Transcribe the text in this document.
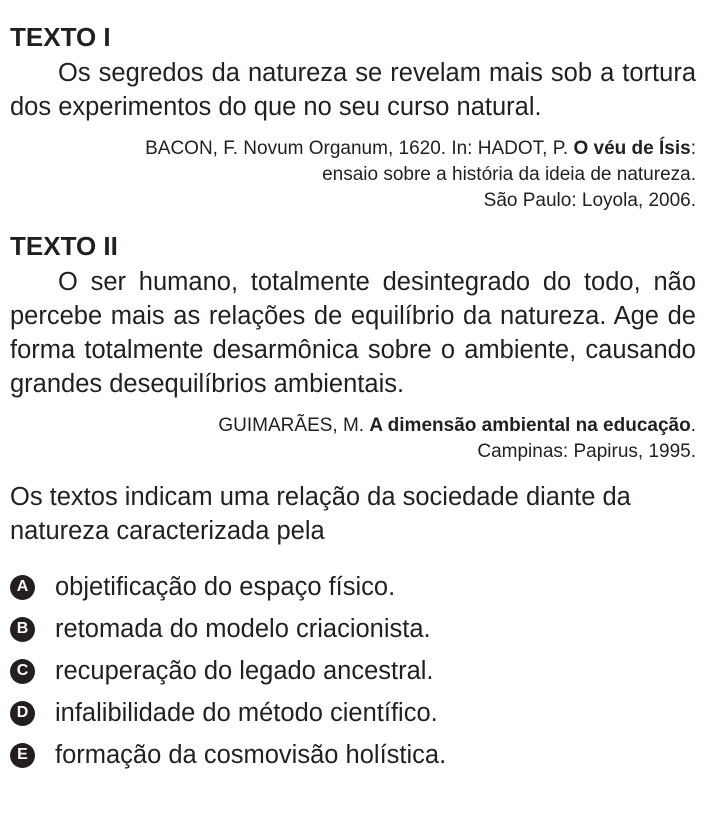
TEXTO I

Os segredos da natureza se revelam mais sob a tortura dos experimentos do que no seu curso natural.

BACON, F. Novum Organum, 1620. In: HADOT, P. O véu de Ísis:
ensaio sobre a história da ideia de natureza.
São Paulo: Loyola, 2006.
TEXTO II

O ser humano, totalmente desintegrado do todo, não percebe mais as relações de equilíbrio da natureza. Age de forma totalmente desarmônica sobre o ambiente, causando grandes desequilíbrios ambientais.

GUIMARÃES, M. A dimensão ambiental na educação.
Campinas: Papirus, 1995.

Os textos indicam uma relação da sociedade diante da natureza caracterizada pela

A objetificação do espaço físico.
B retomada do modelo criacionista.
C recuperação do legado ancestral.
D infalibilidade do método científico.
E formação da cosmovisão holística.
